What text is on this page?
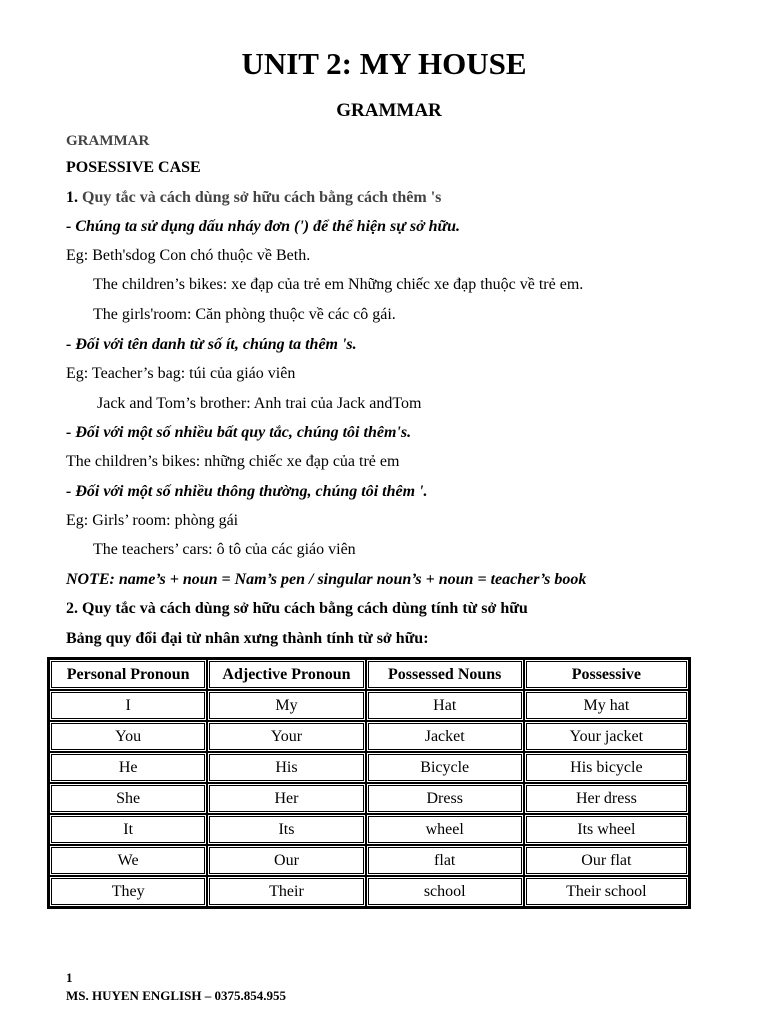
UNIT 2: MY HOUSE
GRAMMAR
GRAMMAR
POSESSIVE CASE
1. Quy tắc và cách dùng sở hữu cách bằng cách thêm 's
- Chúng ta sử dụng dấu nháy đơn (') để thể hiện sự sở hữu.
Eg: Beth'sdog Con chó thuộc về Beth.
The children’s bikes: xe đạp của trẻ em Những chiếc xe đạp thuộc về trẻ em.
The girls'room: Căn phòng thuộc về các cô gái.
- Đối với tên danh từ số ít, chúng ta thêm 's.
Eg: Teacher’s bag: túi của giáo viên
Jack and Tom’s brother: Anh trai của Jack andTom
- Đối với một số nhiều bất quy tắc, chúng tôi thêm's.
The children’s bikes: những chiếc xe đạp của trẻ em
- Đối với một số nhiều thông thường, chúng tôi thêm '.
Eg: Girls’ room: phòng gái
The teachers’ cars: ô tô của các giáo viên
NOTE: name’s + noun = Nam’s pen / singular noun’s + noun = teacher’s book
2. Quy tắc và cách dùng sở hữu cách bằng cách dùng tính từ sở hữu
Bảng quy đổi đại từ nhân xưng thành tính từ sở hữu:
Personal Pronoun	Adjective Pronoun	Possessed Nouns	Possessive
I	My	Hat	My hat
You	Your	Jacket	Your jacket
He	His	Bicycle	His bicycle
She	Her	Dress	Her dress
It	Its	wheel	Its wheel
We	Our	flat	Our flat
They	Their	school	Their school
1
MS. HUYEN ENGLISH – 0375.854.955
